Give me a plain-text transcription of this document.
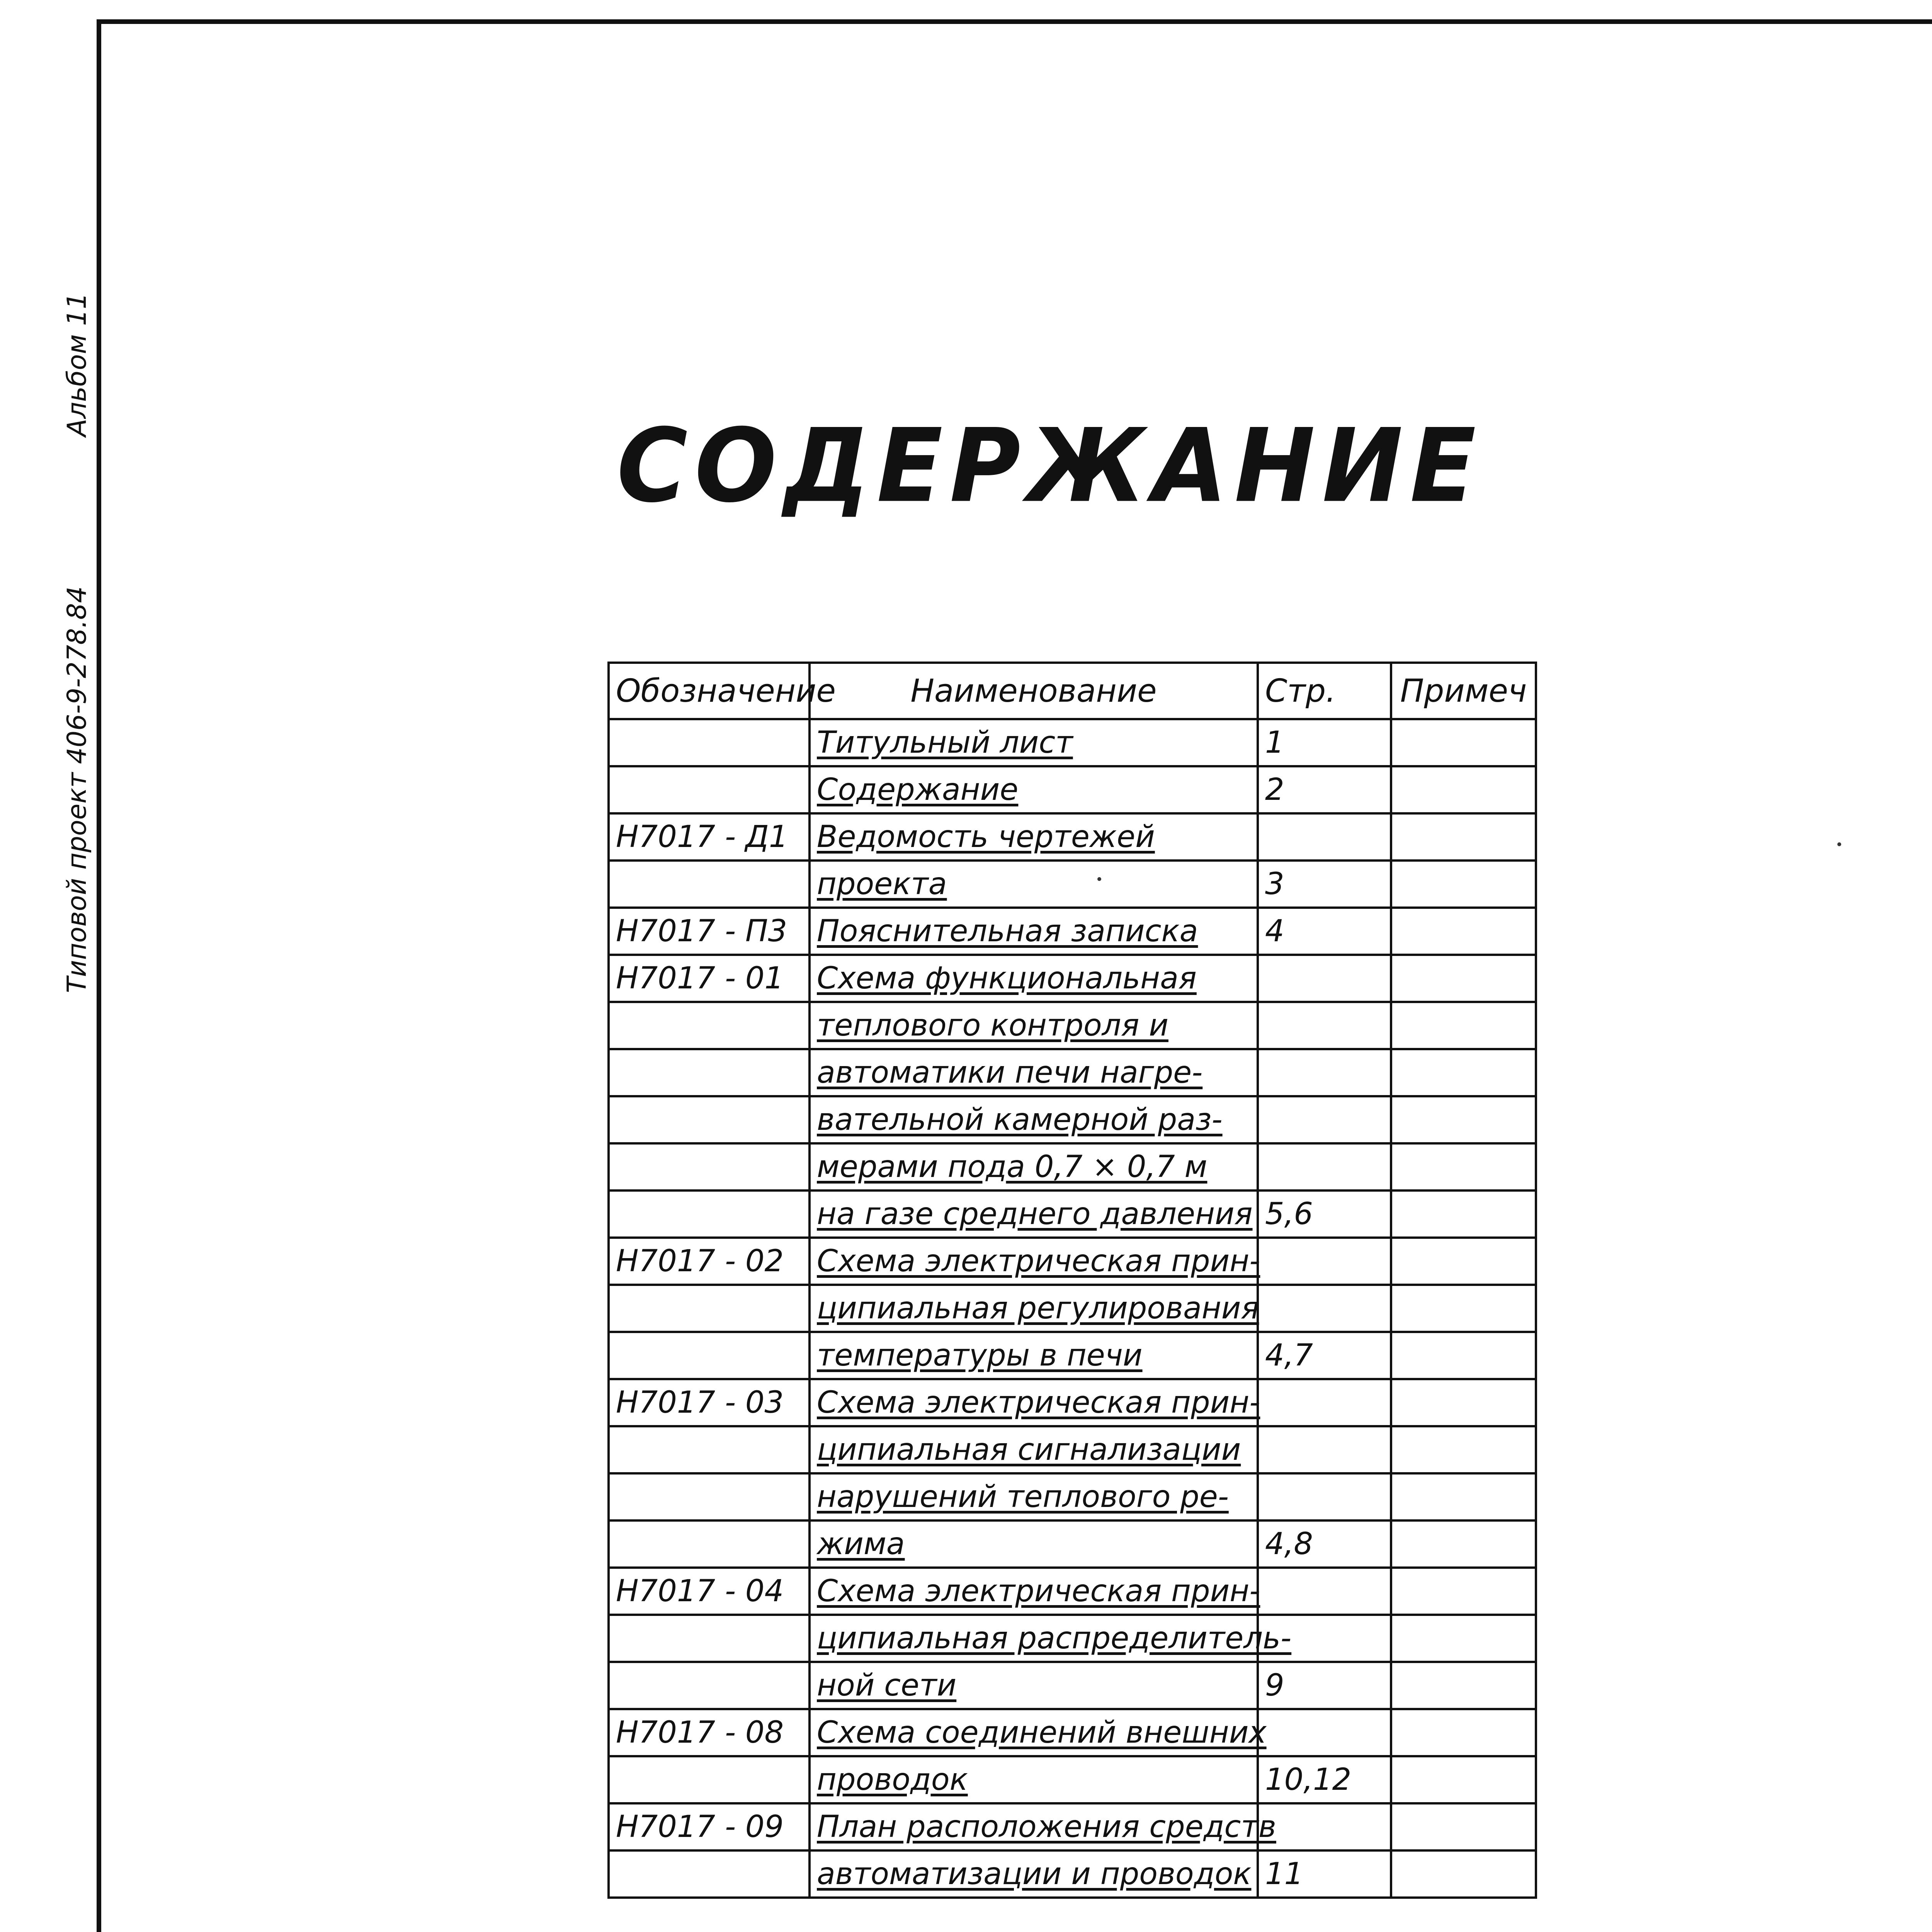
Типовой проект 406-9-278.84
Альбом 11
СОДЕРЖАНИЕ
Обозначение	Наименование	Стр.	Примеч
	Титульный лист	1	
	Содержание	2	
Н7017 - Д1	Ведомость чертежей		
	проекта	3	
Н7017 - П3	Пояснительная записка	4	
Н7017 - 01	Схема функциональная		
	теплового контроля и		
	автоматики печи нагре-		
	вательной камерной раз-		
	мерами пода 0,7 × 0,7 м		
	на газе среднего давления	5,6	
Н7017 - 02	Схема электрическая прин-		
	ципиальная регулирования		
	температуры в печи	4,7	
Н7017 - 03	Схема электрическая прин-		
	ципиальная сигнализации		
	нарушений теплового ре-		
	жима	4,8	
Н7017 - 04	Схема электрическая прин-		
	ципиальная распределитель-		
	ной сети	9	
Н7017 - 08	Схема соединений внешних		
	проводок	10,12	
Н7017 - 09	План расположения средств		
	автоматизации и проводок	11	
